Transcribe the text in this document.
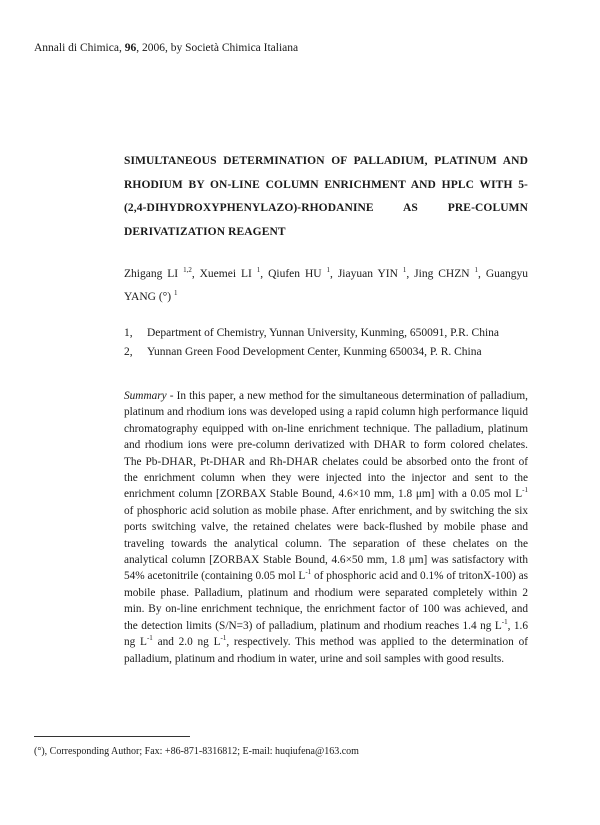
Annali di Chimica, 96, 2006, by Società Chimica Italiana
SIMULTANEOUS DETERMINATION OF PALLADIUM, PLATINUM AND RHODIUM BY ON-LINE COLUMN ENRICHMENT AND HPLC WITH 5-(2,4-DIHYDROXYPHENYLAZO)-RHODANINE AS PRE-COLUMN DERIVATIZATION REAGENT

Zhigang LI $^{1,2}$, Xuemei LI $^1$, Qiufen HU $^1$, Jiayuan YIN $^1$, Jing CHZN $^1$, Guangyu YANG (°) $^1$

1,	Department of Chemistry, Yunnan University, Kunming, 650091, P.R. China
2,	Yunnan Green Food Development Center, Kunming 650034, P. R. China

Summary - In this paper, a new method for the simultaneous determination of palladium, platinum and rhodium ions was developed using a rapid column high performance liquid chromatography equipped with on-line enrichment technique. The palladium, platinum and rhodium ions were pre-column derivatized with DHAR to form colored chelates. The Pb-DHAR, Pt-DHAR and Rh-DHAR chelates could be absorbed onto the front of the enrichment column when they were injected into the injector and sent to the enrichment column [ZORBAX Stable Bound, 4.6×10 mm, 1.8 μm] with a 0.05 mol $L^{-1}$ of phosphoric acid solution as mobile phase. After enrichment, and by switching the six ports switching valve, the retained chelates were back-flushed by mobile phase and traveling towards the analytical column. The separation of these chelates on the analytical column [ZORBAX Stable Bound, 4.6×50 mm, 1.8 μm] was satisfactory with 54% acetonitrile (containing 0.05 mol $L^{-1}$ of phosphoric acid and 0.1% of tritonX-100) as mobile phase. Palladium, platinum and rhodium were separated completely within 2 min. By on-line enrichment technique, the enrichment factor of 100 was achieved, and the detection limits (S/N=3) of palladium, platinum and rhodium reaches 1.4 ng $L^{-1}$, 1.6 ng $L^{-1}$ and 2.0 ng $L^{-1}$, respectively. This method was applied to the determination of palladium, platinum and rhodium in water, urine and soil samples with good results.

(°), Corresponding Author; Fax: +86-871-8316812; E-mail: huqiufena@163.com
